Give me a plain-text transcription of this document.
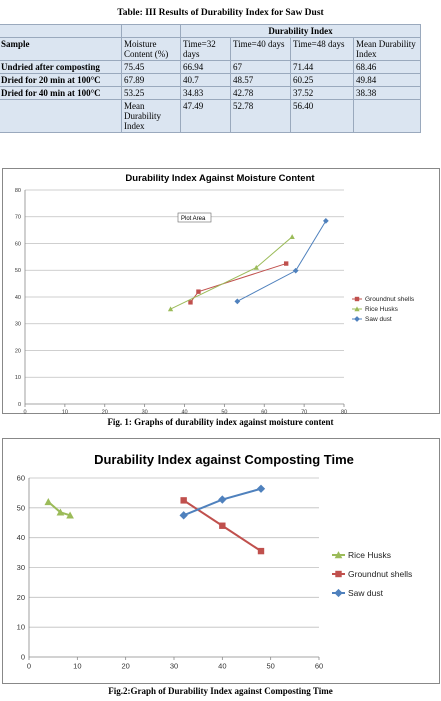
Table: III Results of Durability Index for Saw Dust
		Durability Index			
Sample	Moisture Content (%)	Time=32 days	Time=40 days	Time=48 days	Mean Durability Index
Undried after composting	75.45	66.94	67	71.44	68.46
Dried for 20 min at 100°C	67.89	40.7	48.57	60.25	49.84
Dried for 40 min at 100°C	53.25	34.83	42.78	37.52	38.38
	Mean Durability Index	47.49	52.78	56.40	
Durability Index Against Moisture Content
0
10
20
30
40
50
60
70
80
0	10	20	30	40	50	60	70	80
Groundnut shells
Rice Husks
Saw dust
Plot Area
Fig. 1: Graphs of durability index against moisture content
Durability Index against Composting Time
0
10
20
30
40
50
60
0	10	20	30	40	50	60
Rice Husks
Groundnut shells
Saw dust
Fig.2:Graph of Durability Index against Composting Time
